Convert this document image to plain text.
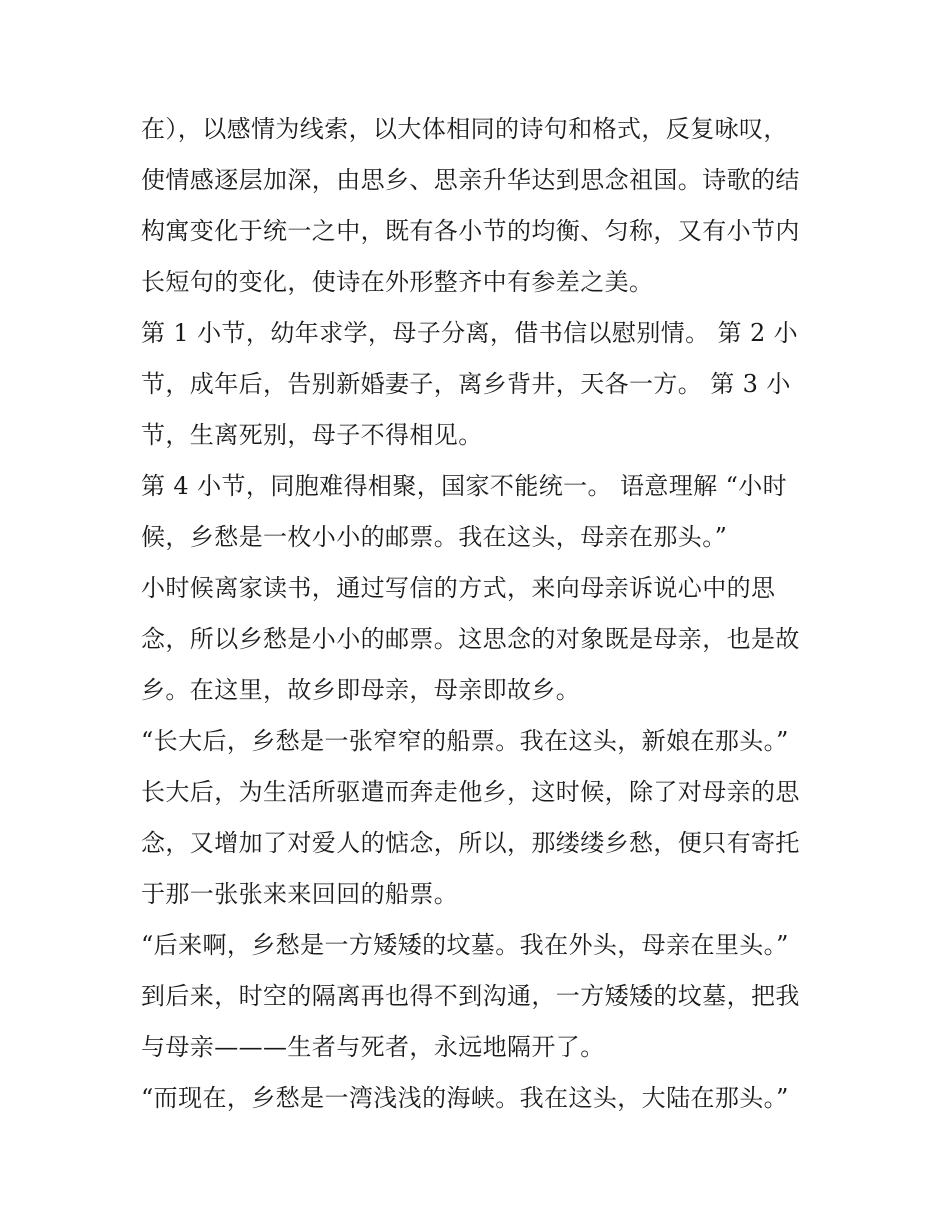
在），以感情为线索，以大体相同的诗句和格式，反复咏叹，
使情感逐层加深，由思乡、思亲升华达到思念祖国。诗歌的结
构寓变化于统一之中，既有各小节的均衡、匀称，又有小节内
长短句的变化，使诗在外形整齐中有参差之美。
第 1 小节，幼年求学，母子分离，借书信以慰别情。 第 2 小
节，成年后，告别新婚妻子，离乡背井，天各一方。 第 3 小
节，生离死别，母子不得相见。
第 4 小节，同胞难得相聚，国家不能统一。 语意理解 “小时
候，乡愁是一枚小小的邮票。我在这头，母亲在那头。”
小时候离家读书，通过写信的方式，来向母亲诉说心中的思
念，所以乡愁是小小的邮票。这思念的对象既是母亲，也是故
乡。在这里，故乡即母亲，母亲即故乡。
“长大后，乡愁是一张窄窄的船票。我在这头，新娘在那头。”
长大后，为生活所驱遣而奔走他乡，这时候，除了对母亲的思
念，又增加了对爱人的惦念，所以，那缕缕乡愁，便只有寄托
于那一张张来来回回的船票。
“后来啊，乡愁是一方矮矮的坟墓。我在外头，母亲在里头。”
到后来，时空的隔离再也得不到沟通，一方矮矮的坟墓，把我
与母亲———生者与死者，永远地隔开了。
“而现在，乡愁是一湾浅浅的海峡。我在这头，大陆在那头。”
